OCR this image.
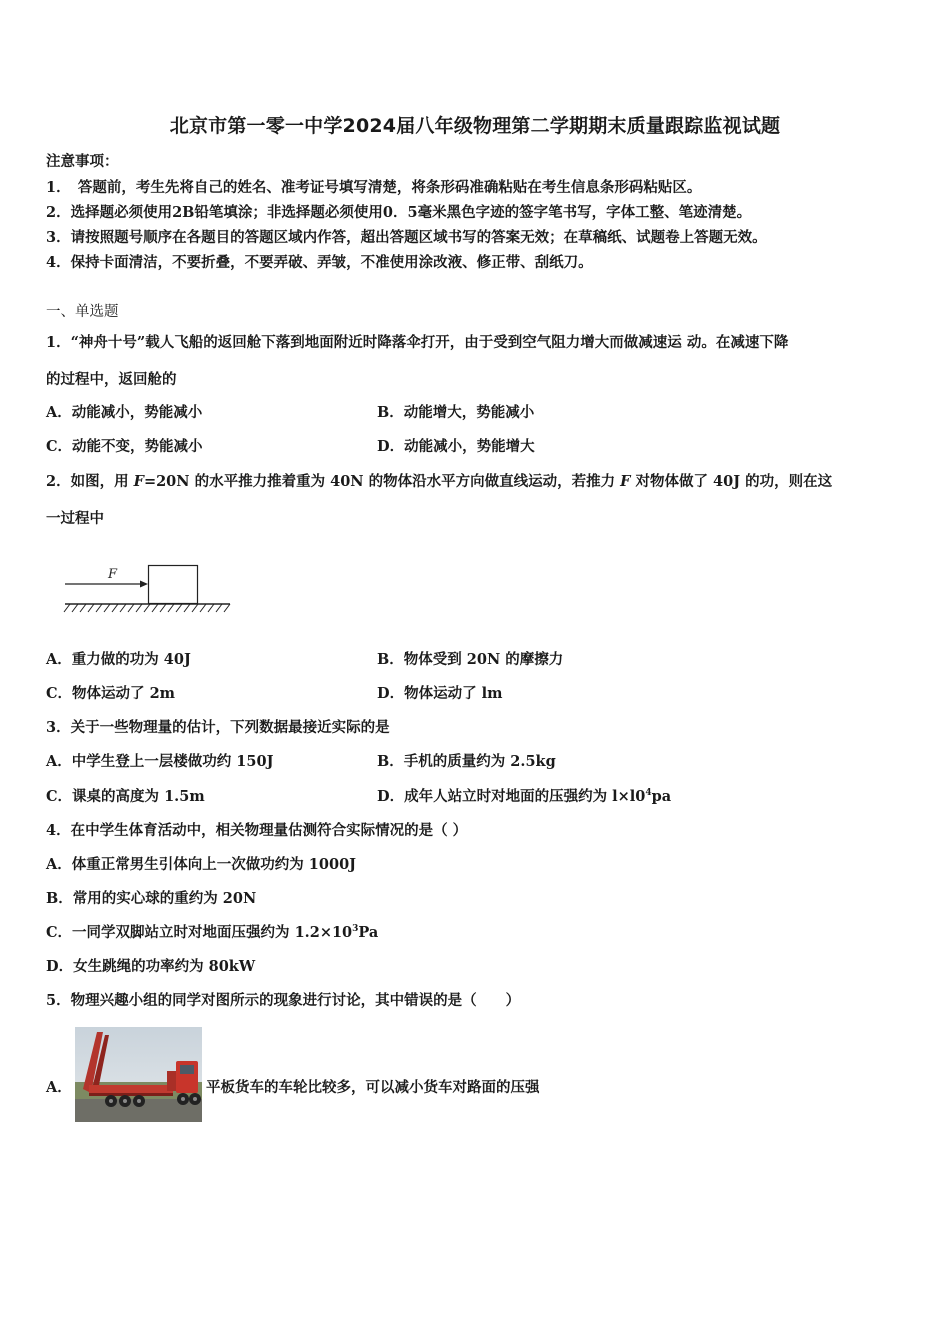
北京市第一零一中学2024届八年级物理第二学期期末质量跟踪监视试题
注意事项：
1．　答题前，考生先将自己的姓名、准考证号填写清楚，将条形码准确粘贴在考生信息条形码粘贴区。
2．选择题必须使用2B铅笔填涂；非选择题必须使用0．5毫米黑色字迹的签字笔书写，字体工整、笔迹清楚。
3．请按照题号顺序在各题目的答题区域内作答，超出答题区域书写的答案无效；在草稿纸、试题卷上答题无效。
4．保持卡面清洁，不要折叠，不要弄破、弄皱，不准使用涂改液、修正带、刮纸刀。
一、单选题
1．“神舟十号”载人飞船的返回舱下落到地面附近时降落伞打开，由于受到空气阻力增大而做减速运 动。在减速下降
的过程中，返回舱的
A．动能减小，势能减小	B．动能增大，势能减小
C．动能不变，势能减小	D．动能减小，势能增大
2．如图，用 F=20N 的水平推力推着重为 40N 的物体沿水平方向做直线运动，若推力 F 对物体做了 40J 的功，则在这
一过程中
F
A．重力做的功为 40J	B．物体受到 20N 的摩擦力
C．物体运动了 2m	D．物体运动了 lm
3．关于一些物理量的估计，下列数据最接近实际的是
A．中学生登上一层楼做功约 150J	B．手机的质量约为 2.5kg
C．课桌的高度为 1.5m	D．成年人站立时对地面的压强约为 $l\times l0^4pa$
4．在中学生体育活动中，相关物理量估测符合实际情况的是（ ）
A．体重正常男生引体向上一次做功约为 1000J
B．常用的实心球的重约为 20N
C．一同学双脚站立时对地面压强约为 $1.2\times 10^3Pa$
D．女生跳绳的功率约为 80kW
5．物理兴趣小组的同学对图所示的现象进行讨论，其中错误的是（　　）
A．	平板货车的车轮比较多，可以减小货车对路面的压强
